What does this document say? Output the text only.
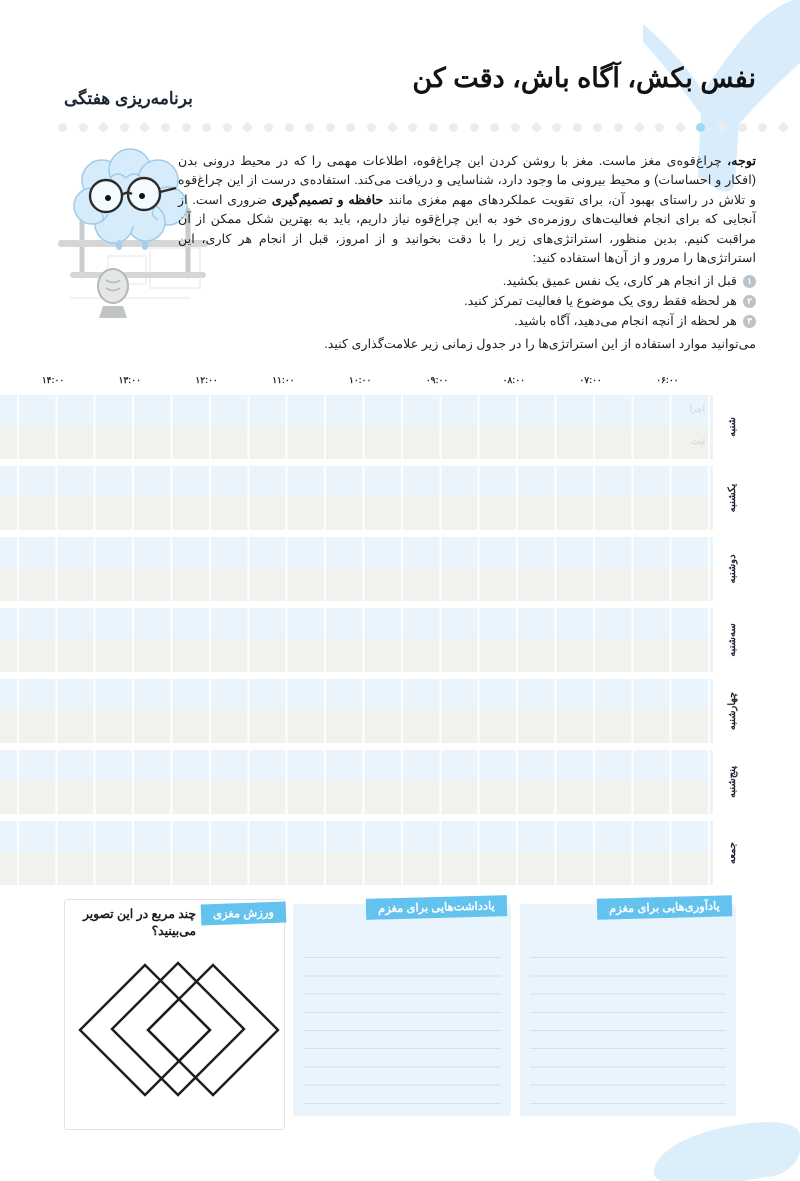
نفس بکش، آگاه باش، دقت کن
برنامه‌ریزی هفتگی

توجه، چراغ‌قوه‌ی مغز ماست. مغز با روشن کردن این چراغ‌قوه، اطلاعات مهمی را که در محیط درونی بدن (افکار و احساسات) و محیط بیرونی ما وجود دارد، شناسایی و دریافت می‌کند. استفاده‌ی درست از این چراغ‌قوه و تلاش در راستای بهبود آن، برای تقویت عملکردهای مهم مغزی مانند حافظه و تصمیم‌گیری ضروری است. از آنجایی که برای انجام فعالیت‌های روزمره‌ی خود به این چراغ‌قوه نیاز داریم، باید به بهترین شکل ممکن از آن مراقبت کنیم. بدین منظور، استراتژی‌های زیر را با دقت بخوانید و از امروز، قبل از انجام هر کاری، این استراتژی‌ها را مرور و از آن‌ها استفاده کنید:

۱
قبل از انجام هر کاری، یک نفس عمیق بکشید.
۲
هر لحظه فقط روی یک موضوع یا فعالیت تمرکز کنید.
۳
هر لحظه از آنچه انجام می‌دهید، آگاه باشید.

می‌توانید موارد استفاده از این استراتژی‌ها را در جدول زمانی زیر علامت‌گذاری کنید.

۱۴:۰۰	۱۳:۰۰	۱۲:۰۰	۱۱:۰۰	۱۰:۰۰	۰۹:۰۰	۰۸:۰۰	۰۷:۰۰	۰۶:۰۰
شنبه
اجرا
ثبت
یکشنبه
دوشنبه
سه‌شنبه
چهارشنبه
پنج‌شنبه
جمعه
ورزش مغزی
چند مربع در این تصویر می‌بینید؟
یادداشت‌هایی برای مغزم	یادآوری‌هایی برای مغزم
